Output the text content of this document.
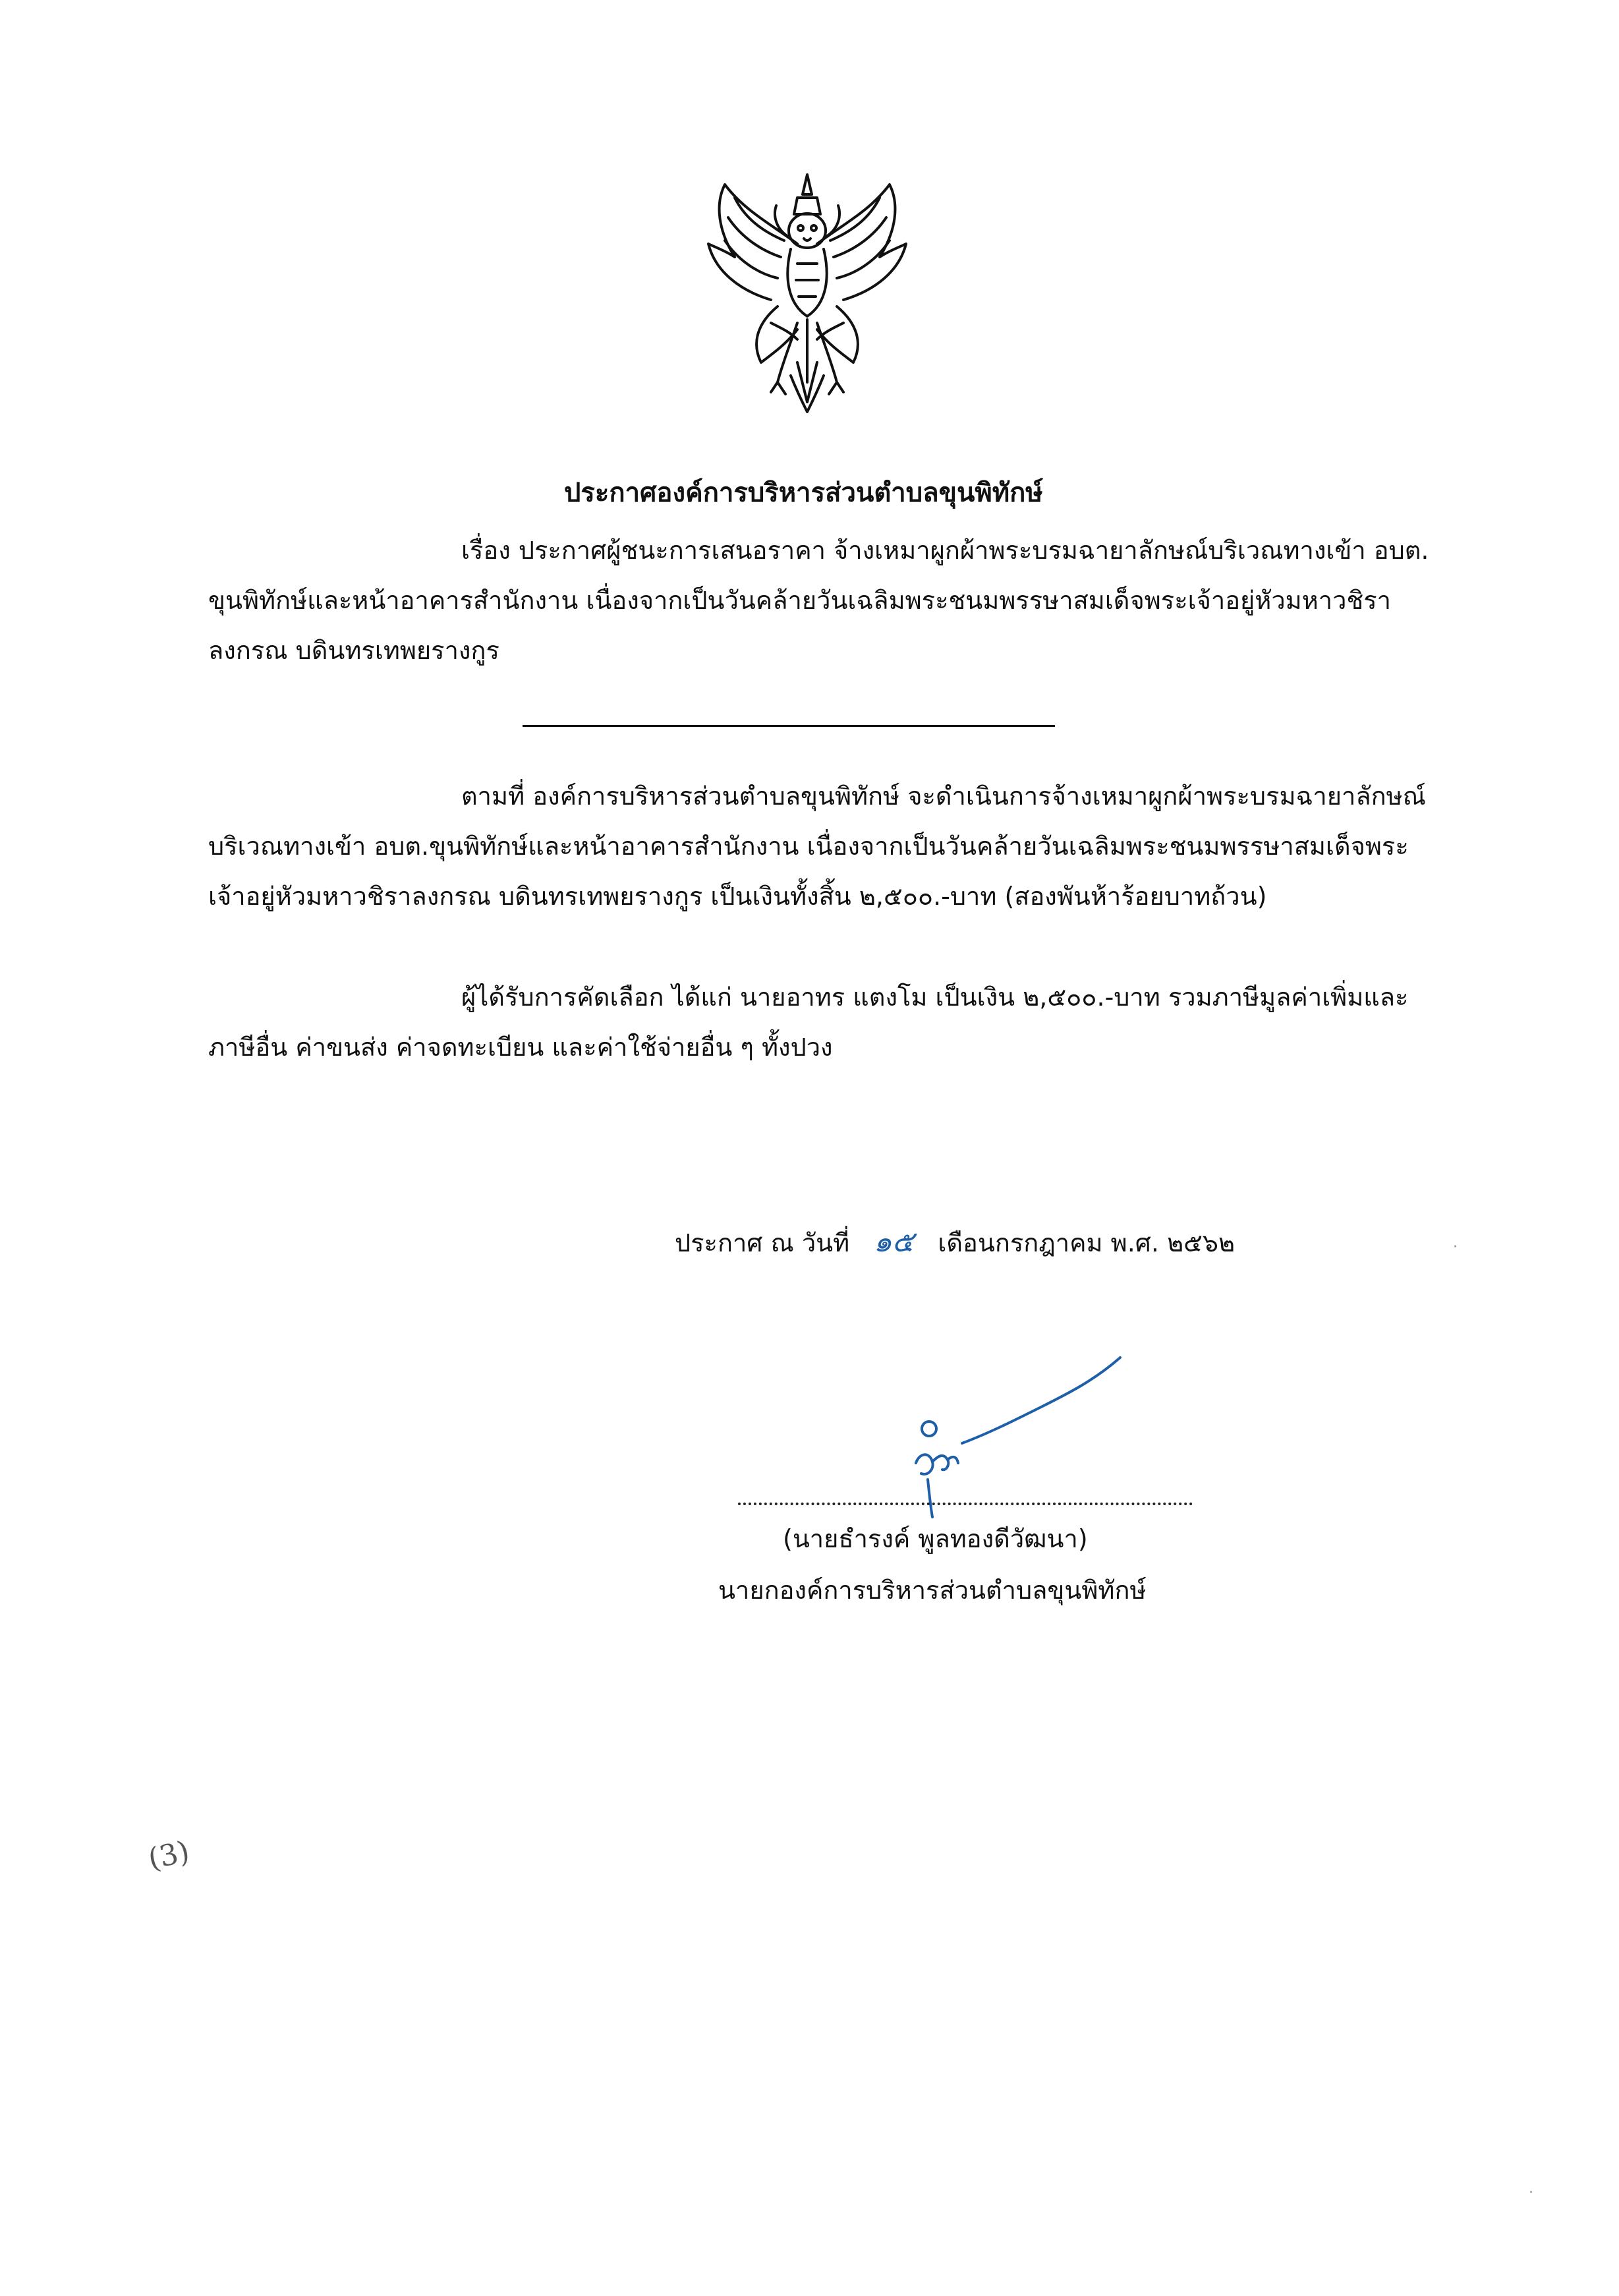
ประกาศองค์การบริหารส่วนตำบลขุนพิทักษ์
เรื่อง ประกาศผู้ชนะการเสนอราคา จ้างเหมาผูกผ้าพระบรมฉายาลักษณ์บริเวณทางเข้า อบต.
ขุนพิทักษ์และหน้าอาคารสำนักงาน เนื่องจากเป็นวันคล้ายวันเฉลิมพระชนมพรรษาสมเด็จพระเจ้าอยู่หัวมหาวชิรา
ลงกรณ บดินทรเทพยรางกูร
ตามที่ องค์การบริหารส่วนตำบลขุนพิทักษ์ จะดำเนินการจ้างเหมาผูกผ้าพระบรมฉายาลักษณ์
บริเวณทางเข้า อบต.ขุนพิทักษ์และหน้าอาคารสำนักงาน เนื่องจากเป็นวันคล้ายวันเฉลิมพระชนมพรรษาสมเด็จพระ
เจ้าอยู่หัวมหาวชิราลงกรณ บดินทรเทพยรางกูร เป็นเงินทั้งสิ้น ๒,๕๐๐.-บาท (สองพันห้าร้อยบาทถ้วน)
ผู้ได้รับการคัดเลือก ได้แก่ นายอาทร แตงโม เป็นเงิน ๒,๕๐๐.-บาท รวมภาษีมูลค่าเพิ่มและ
ภาษีอื่น ค่าขนส่ง ค่าจดทะเบียน และค่าใช้จ่ายอื่น ๆ ทั้งปวง
ประกาศ ณ วันที่ ๑๕ เดือนกรกฎาคม พ.ศ. ๒๕๖๒
(นายธำรงค์ พูลทองดีวัฒนา)
นายกองค์การบริหารส่วนตำบลขุนพิทักษ์
(3)
·
·
